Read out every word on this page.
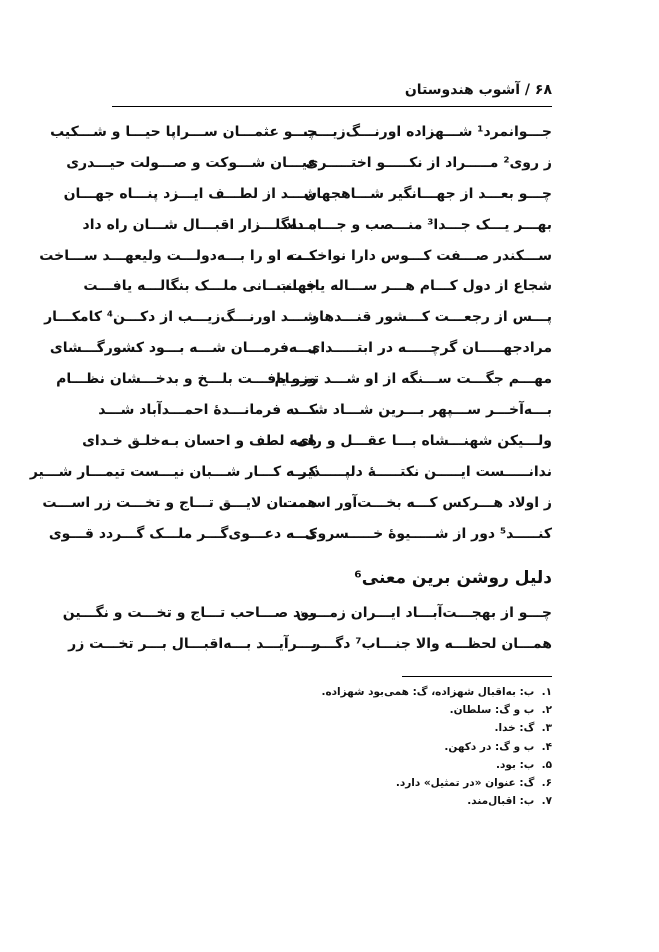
۶۸ / آشوب هندوستان
جـــوانمرد¹ شـــهزاده اورنـــگ‌زیـــب
چـــو عثمـــان ســـراپا حیـــا و شـــکیب
ز روی² مـــــراد از نکـــــو اختـــــری
عیـــان شـــوکت و صـــولت حیـــدری
چـــو بعـــد از جهـــانگیر شـــاهجهان
شـــد از لطـــف ایـــزد پنـــاه جهـــان
بهـــر یـــک جـــدا³ منـــصب و جـــاه داد
بـــه‌گلـــزار اقبـــال شـــان راه داد
ســـکندر صـــفت کـــوس دارا نواخـــت
کـــه او را بـــه‌دولـــت ولیعهـــد ســـاخت
شجاع از دول کـــام هـــر ســـاله یافـــت
جهانبـــانی ملـــک بنگالـــه یافـــت
پـــس از رجعـــت کـــشور قنـــدهار
شـــد اورنـــگ‌زیـــب از دکـــن⁴ کامکـــار
مرادجهـــــان گرچـــــه در ابتـــــدای
بـــه‌فرمـــان شـــه بـــود کشورگـــشای
مهـــم جگـــت ســـنگه از او شـــد تمـــام
وزو یافـــت بلـــخ و بدخـــشان نظـــام
بـــه‌آخـــر ســـپهر بـــرین شـــاد شـــد
کـــه فرمانـــدهٔ احمـــدآباد شـــد
ولـــیکن شهنـــشاه بـــا عقـــل و رای
همه لطف و احسان بـه‌خلـق خـدای
ندانـــــست ایـــــن نکتـــــهٔ دلپـــــذیر
کـــه کـــار شـــبان نیـــست تیمـــار شـــیر
ز اولاد هـــرکس کـــه بخـــت‌آور اســـت
همـــان لایـــق تـــاج و تخـــت زر اســـت
کنـــــد⁵ دور از شـــــیوهٔ خـــــسروی
کـــه دعـــوی‌گـــر ملـــک گـــردد قـــوی
دلیل روشن برین معنی⁶
چـــو از بهجـــت‌آبـــاد ایـــران زمـــین
رود صـــاحب تـــاج و تخـــت و نگـــین
همـــان لحظـــه والا جنـــاب⁷ دگـــر
بـــرآیـــد بـــه‌اقبـــال بـــر تخـــت زر
۱. ب: به‌اقبال شهزاده، گ: همی‌بود شهزاده.
۲. ب و گ: سلطان.
۳. گ: خدا.
۴. ب و گ: در دکهن.
۵. ب: بود.
۶. گ: عنوان «در تمثیل» دارد.
۷. ب: اقبال‌مند.
